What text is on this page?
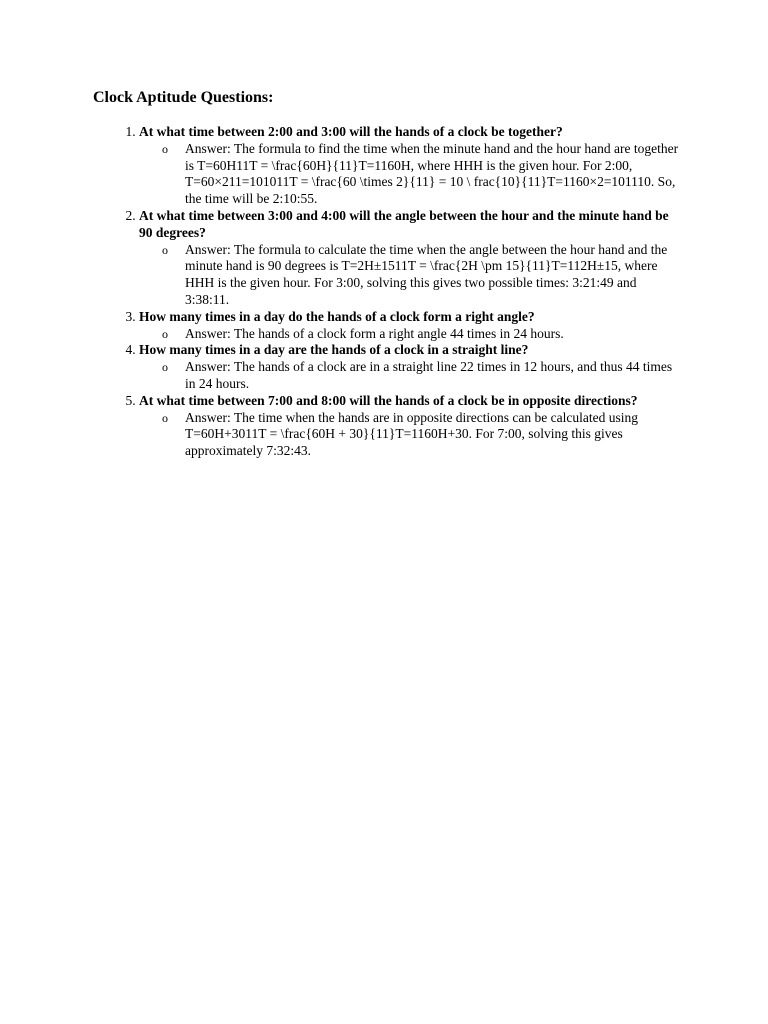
Clock Aptitude Questions:
1. At what time between 2:00 and 3:00 will the hands of a clock be together?
o Answer: The formula to find the time when the minute hand and the hour hand are together is T=60H11T = \frac{60H}{11}T=1160H, where HHH is the given hour. For 2:00, T=60×211=101011T = \frac{60 \times 2}{11} = 10 \ frac{10}{11}T=1160×2=101110. So, the time will be 2:10:55.
2. At what time between 3:00 and 4:00 will the angle between the hour and the minute hand be 90 degrees?
o Answer: The formula to calculate the time when the angle between the hour hand and the minute hand is 90 degrees is T=2H±1511T = \frac{2H \pm 15}{11}T=112H±15, where HHH is the given hour. For 3:00, solving this gives two possible times: 3:21:49 and 3:38:11.
3. How many times in a day do the hands of a clock form a right angle?
o Answer: The hands of a clock form a right angle 44 times in 24 hours.
4. How many times in a day are the hands of a clock in a straight line?
o Answer: The hands of a clock are in a straight line 22 times in 12 hours, and thus 44 times in 24 hours.
5. At what time between 7:00 and 8:00 will the hands of a clock be in opposite directions?
o Answer: The time when the hands are in opposite directions can be calculated using T=60H+3011T = \frac{60H + 30}{11}T=1160H+30. For 7:00, solving this gives approximately 7:32:43.
